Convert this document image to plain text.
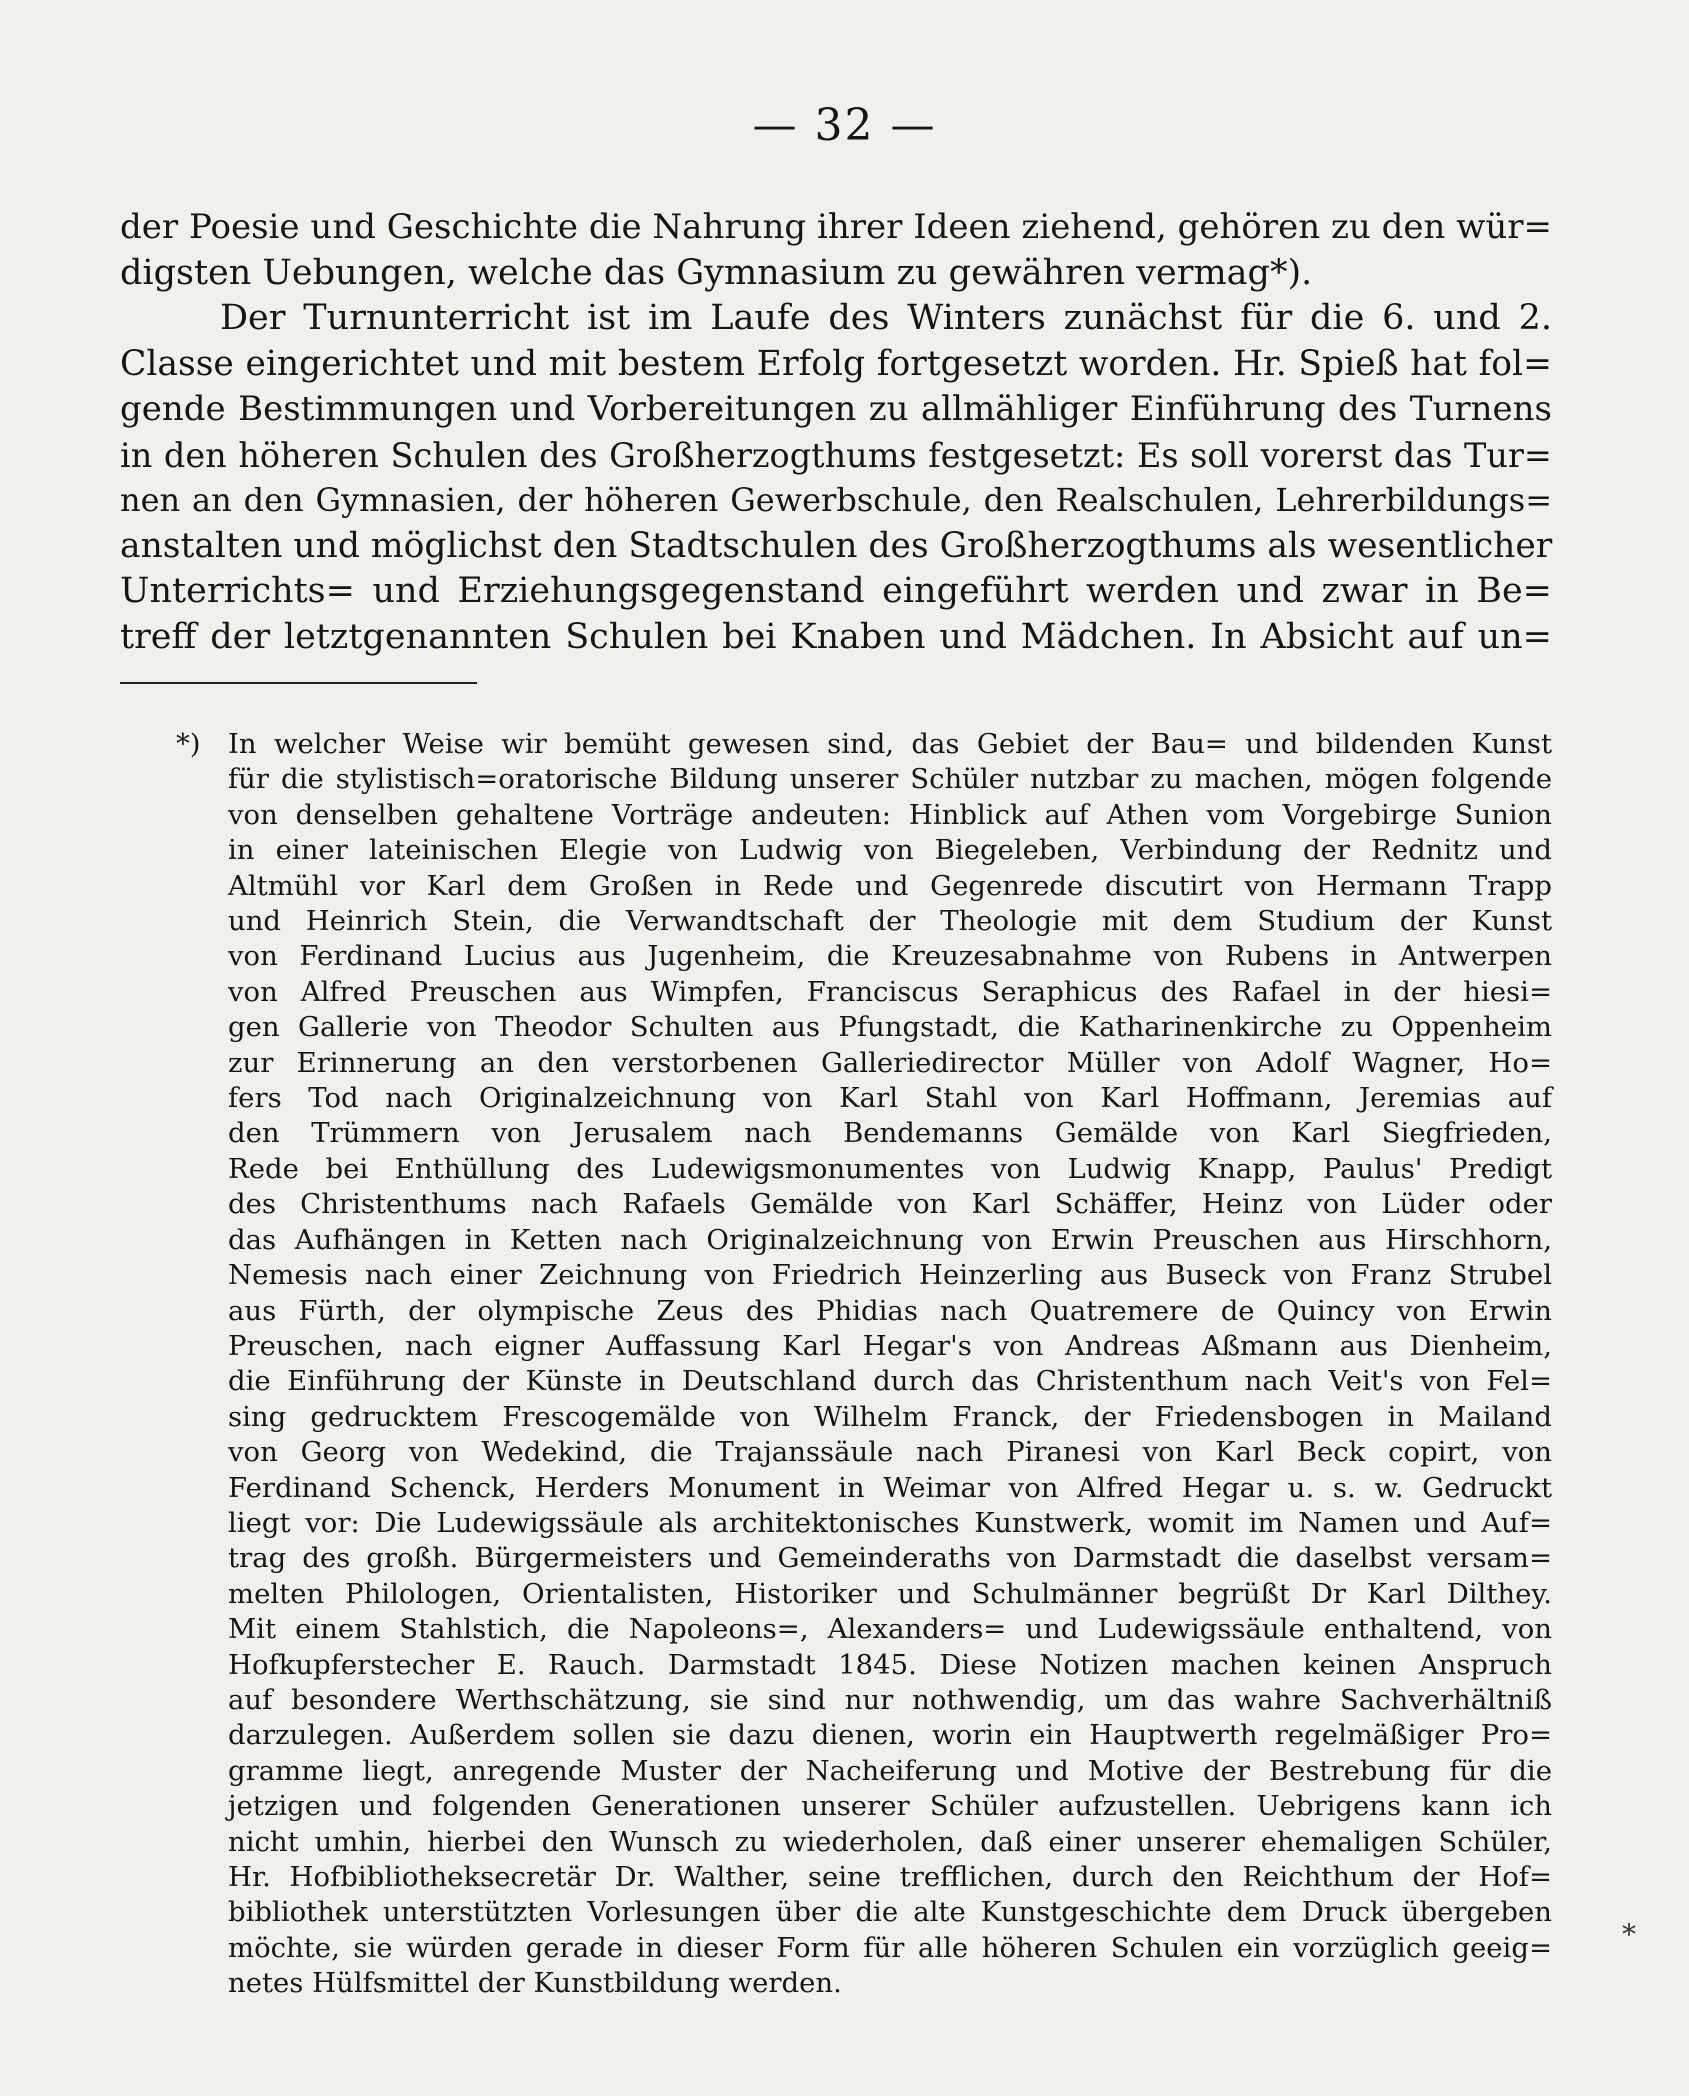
— 32 —
der Poesie und Geschichte die Nahrung ihrer Ideen ziehend, gehören zu den wür=
digsten Uebungen, welche das Gymnasium zu gewähren vermag*).
Der Turnunterricht ist im Laufe des Winters zunächst für die 6. und 2.
Classe eingerichtet und mit bestem Erfolg fortgesetzt worden. Hr. Spieß hat fol=
gende Bestimmungen und Vorbereitungen zu allmähliger Einführung des Turnens
in den höheren Schulen des Großherzogthums festgesetzt: Es soll vorerst das Tur=
nen an den Gymnasien, der höheren Gewerbschule, den Realschulen, Lehrerbildungs=
anstalten und möglichst den Stadtschulen des Großherzogthums als wesentlicher
Unterrichts= und Erziehungsgegenstand eingeführt werden und zwar in Be=
treff der letztgenannten Schulen bei Knaben und Mädchen. In Absicht auf un=
*) In welcher Weise wir bemüht gewesen sind, das Gebiet der Bau= und bildenden Kunst
für die stylistisch=oratorische Bildung unserer Schüler nutzbar zu machen, mögen folgende
von denselben gehaltene Vorträge andeuten: Hinblick auf Athen vom Vorgebirge Sunion
in einer lateinischen Elegie von Ludwig von Biegeleben, Verbindung der Rednitz und
Altmühl vor Karl dem Großen in Rede und Gegenrede discutirt von Hermann Trapp
und Heinrich Stein, die Verwandtschaft der Theologie mit dem Studium der Kunst
von Ferdinand Lucius aus Jugenheim, die Kreuzesabnahme von Rubens in Antwerpen
von Alfred Preuschen aus Wimpfen, Franciscus Seraphicus des Rafael in der hiesi=
gen Gallerie von Theodor Schulten aus Pfungstadt, die Katharinenkirche zu Oppenheim
zur Erinnerung an den verstorbenen Galleriedirector Müller von Adolf Wagner, Ho=
fers Tod nach Originalzeichnung von Karl Stahl von Karl Hoffmann, Jeremias auf
den Trümmern von Jerusalem nach Bendemanns Gemälde von Karl Siegfrieden,
Rede bei Enthüllung des Ludewigsmonumentes von Ludwig Knapp, Paulus' Predigt
des Christenthums nach Rafaels Gemälde von Karl Schäffer, Heinz von Lüder oder
das Aufhängen in Ketten nach Originalzeichnung von Erwin Preuschen aus Hirschhorn,
Nemesis nach einer Zeichnung von Friedrich Heinzerling aus Buseck von Franz Strubel
aus Fürth, der olympische Zeus des Phidias nach Quatremere de Quincy von Erwin
Preuschen, nach eigner Auffassung Karl Hegar's von Andreas Aßmann aus Dienheim,
die Einführung der Künste in Deutschland durch das Christenthum nach Veit's von Fel=
sing gedrucktem Frescogemälde von Wilhelm Franck, der Friedensbogen in Mailand
von Georg von Wedekind, die Trajanssäule nach Piranesi von Karl Beck copirt, von
Ferdinand Schenck, Herders Monument in Weimar von Alfred Hegar u. s. w. Gedruckt
liegt vor: Die Ludewigssäule als architektonisches Kunstwerk, womit im Namen und Auf=
trag des großh. Bürgermeisters und Gemeinderaths von Darmstadt die daselbst versam=
melten Philologen, Orientalisten, Historiker und Schulmänner begrüßt Dr Karl Dilthey.
Mit einem Stahlstich, die Napoleons=, Alexanders= und Ludewigssäule enthaltend, von
Hofkupferstecher E. Rauch. Darmstadt 1845. Diese Notizen machen keinen Anspruch
auf besondere Werthschätzung, sie sind nur nothwendig, um das wahre Sachverhältniß
darzulegen. Außerdem sollen sie dazu dienen, worin ein Hauptwerth regelmäßiger Pro=
gramme liegt, anregende Muster der Nacheiferung und Motive der Bestrebung für die
jetzigen und folgenden Generationen unserer Schüler aufzustellen. Uebrigens kann ich
nicht umhin, hierbei den Wunsch zu wiederholen, daß einer unserer ehemaligen Schüler,
Hr. Hofbibliotheksecretär Dr. Walther, seine trefflichen, durch den Reichthum der Hof=
bibliothek unterstützten Vorlesungen über die alte Kunstgeschichte dem Druck übergeben
möchte, sie würden gerade in dieser Form für alle höheren Schulen ein vorzüglich geeig=
netes Hülfsmittel der Kunstbildung werden.
*
